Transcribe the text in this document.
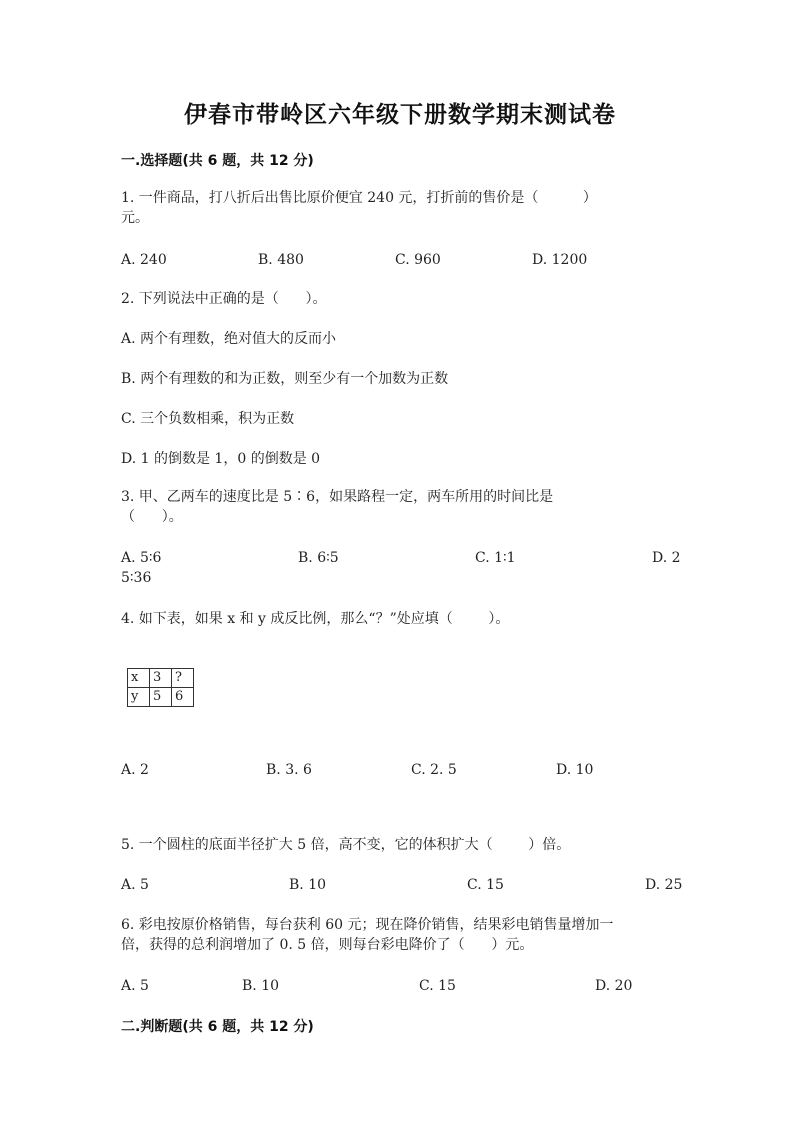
伊春市带岭区六年级下册数学期末测试卷
一.选择题(共 6 题，共 12 分)
1. 一件商品，打八折后出售比原价便宜 240 元，打折前的售价是（          ）
元。
A. 240	B. 480	C. 960	D. 1200
2. 下列说法中正确的是（      ）。
A. 两个有理数，绝对值大的反而小
B. 两个有理数的和为正数，则至少有一个加数为正数
C. 三个负数相乘，积为正数
D. 1 的倒数是 1，0 的倒数是 0
3. 甲、乙两车的速度比是 5∶6，如果路程一定，两车所用的时间比是
（      ）。
A. 5∶6	B. 6∶5	C. 1∶1	D. 2
5∶36
4. 如下表，如果 x 和 y 成反比例，那么“？”处应填（        ）。
x	3	?
y	5	6
A. 2	B. 3. 6	C. 2. 5	D. 10
5. 一个圆柱的底面半径扩大 5 倍，高不变，它的体积扩大（        ）倍。
A. 5	B. 10	C. 15	D. 25
6. 彩电按原价格销售，每台获利 60 元；现在降价销售，结果彩电销售量增加一
倍，获得的总利润增加了 0. 5 倍，则每台彩电降价了（      ）元。
A. 5	B. 10	C. 15	D. 20
二.判断题(共 6 题，共 12 分)
